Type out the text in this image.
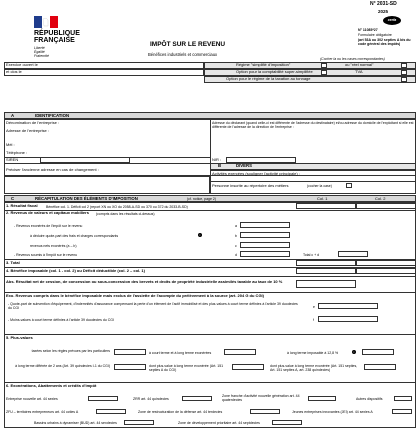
RÉPUBLIQUE
FRANÇAISE
Liberté
Égalité
Fraternité
N° 2031-SD
2025
cerfa
N° 11085*27
Formulaire obligatoire
(art 53A ou 302 septies A bis du code général des impôts)
(Cocher la ou les cases correspondantes)
IMPÔT SUR LE REVENU
Bénéfices industriels et commerciaux
Exercice ouvert le
et clos le
Régime "simplifié d'imposition"	ou "réel normal"
Option pour la comptabilité super-simplifiée	TVA
Option pour le régime de la taxation au tonnage
A	IDENTIFICATION
Dénomination de l'entreprise :
Adresse de l'entreprise :
Mél :
Téléphone :
SIREN
Préciser l'ancienne adresse en cas de changement :
Adresse du déclarant (quand celle-ci est différente de l'adresse du destinataire) et/ou adresse du domicile de l'exploitant si elle est différente de l'adresse de la direction de l'entreprise :
NIR :
B	DIVERS
Activités exercées (souligner l'activité principale) :
Personne inscrite au répertoire des métiers	(cocher la case)
C	RÉCAPITULATION DES ÉLÉMENTS D'IMPOSITION	(cf. notice, page 2)	Col. 1	Col. 2
1. Résultat fiscal Bénéfice col. 1. Déficit col 2 (report XN ou XO du 2058-A-SD ou 370 ou 372 du 2033-B-SD)
2. Revenus de valeurs et capitaux mobiliers (compris dans les résultats ci-dessus)
- Revenus exonérés de l'impôt sur le revenu	a
à déduire quote-part des frais et charges correspondants	i	b
revenus nets exonérés (a – b)	c
- Revenus soumis à l'impôt sur le revenu	d	Total c + d
3. Total
4. Bénéfice imposable (col. 1 - col. 2) ou Déficit déductible (col. 2 – col. 1)
Abs. Résultat net de cession, de concession ou sous-concession des brevets et droits de propriété industrielle assimilés taxable au taux de 10 %
Exo. Revenus compris dans le bénéfice imposable mais exclus de l'assiette de l'acompte du prélèvement à la source (art. 204 G du CGI)
- Quote-part de subvention d'équipement, d'indemnités d'assurance compensant la perte d'un élément de l'actif immobilisé et des plus-values à court terme définies à l'article 39 duodecies du CGI	e
- Moins-values à court terme définies à l'article 39 duodecies du CGI	f
5. Plus-values
taxées selon les règles prévues par les particuliers	à court terme et à long terme exonérées	à long terme imposable à 12,8 %	i
à long terme différée de 2 ans (Art. 39 quindecies I-1 du CGI)	dont plus-value à long terme exonérée (Art. 151 septies A du CGI)
dont plus-value à long terme exonérée (Art. 151 septies, Art. 151 septies A, art. 238 quindecies)
6. Exonérations, Abattements et crédits d'impôt
Entreprise nouvelle art. 44 sexies	ZRR art. 44 quindecies
Zone franche d'activité nouvelle génération art. 44 quaterdecies	Autres dispositifs
ZFU – territoires entrepreneurs art. 44 octies A	Zone de restructuration de la défense art. 44 terdecies	Jeunes entreprises innovantes (JEI) art. 44 sexies A
Bassins urbains à dynamiser (BUD) art. 44 sexdecies	Zone de développement prioritaire art. 44 septdecies
